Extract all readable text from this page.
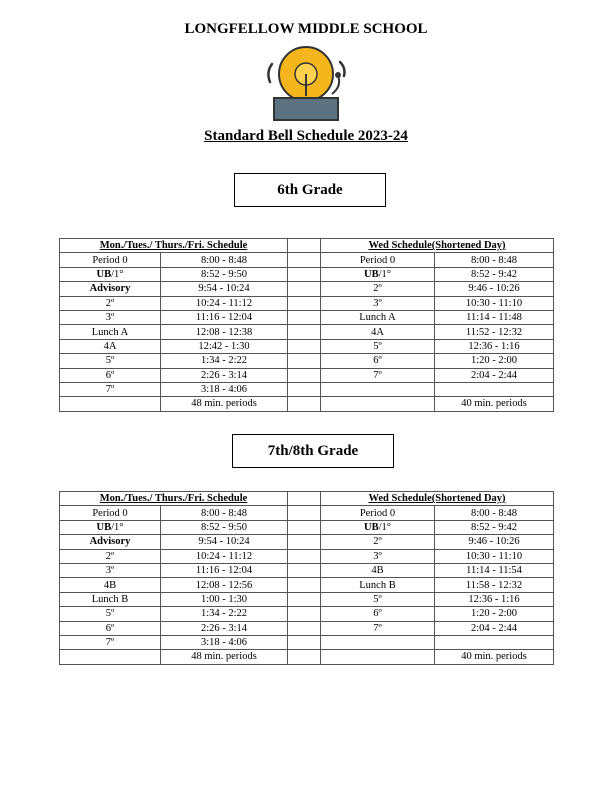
LONGFELLOW MIDDLE SCHOOL
Standard Bell Schedule 2023-24
6th Grade
Mon./Tues./ Thurs./Fri. Schedule			Wed Schedule(Shortened Day)	
Period 0	8:00 - 8:48		Period 0	8:00 - 8:48
UB/1°	8:52 - 9:50		UB/1°	8:52 - 9:42
Advisory	9:54 - 10:24		2º	9:46 - 10:26
2º	10:24 - 11:12		3º	10:30 - 11:10
3º	11:16 - 12:04		Lunch A	11:14 - 11:48
Lunch A	12:08 - 12:38		4A	11:52 - 12:32
4A	12:42 - 1:30		5º	12:36 - 1:16
5º	1:34 - 2:22		6º	1:20 - 2:00
6º	2:26 - 3:14		7º	2:04 - 2:44
7º	3:18 - 4:06			
	48 min. periods			40 min. periods
7th/8th Grade
Mon./Tues./ Thurs./Fri. Schedule			Wed Schedule(Shortened Day)	
Period 0	8:00 - 8:48		Period 0	8:00 - 8:48
UB/1°	8:52 - 9:50		UB/1°	8:52 - 9:42
Advisory	9:54 - 10:24		2º	9:46 - 10:26
2º	10:24 - 11:12		3º	10:30 - 11:10
3º	11:16 - 12:04		4B	11:14 - 11:54
4B	12:08 - 12:56		Lunch B	11:58 - 12:32
Lunch B	1:00 - 1:30		5º	12:36 - 1:16
5º	1:34 - 2:22		6º	1:20 - 2:00
6º	2:26 - 3:14		7º	2:04 - 2:44
7º	3:18 - 4:06			
	48 min. periods			40 min. periods
